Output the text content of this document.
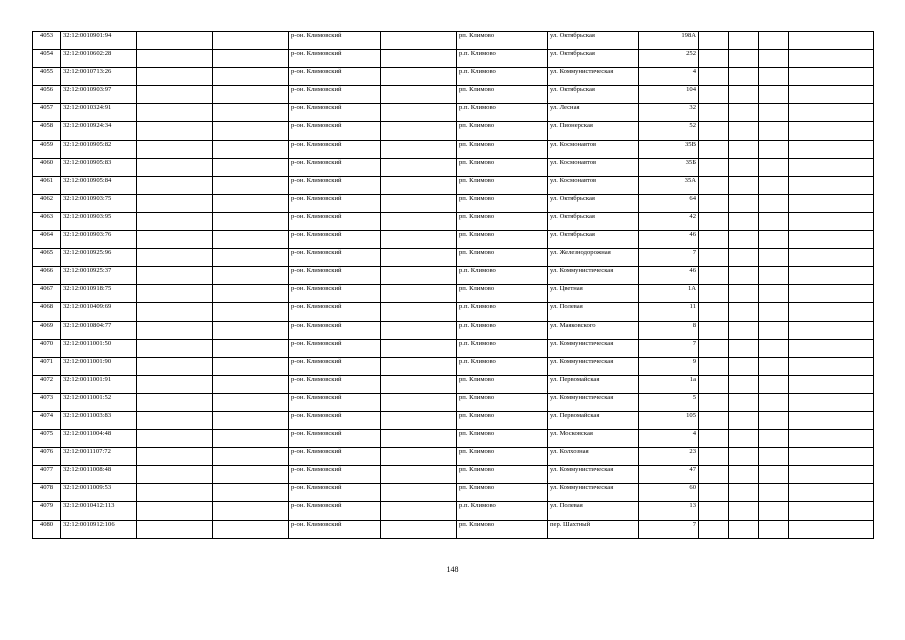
4053	32:12:0010901:94			р-он. Климовский		рп. Климово	ул. Октябрьская	198А				
4054	32:12:0010602:28			р-он. Климовский		р.п. Климово	ул. Октябрьская	252				
4055	32:12:0010713:26			р-он. Климовский		р.п. Климово	ул. Коммунистическая	4				
4056	32:12:0010903:97			р-он. Климовский		рп. Климово	ул. Октябрьская	104				
4057	32:12:0010324:91			р-он. Климовский		р.п. Климово	ул. Лесная	32				
4058	32:12:0010924:34			р-он. Климовский		рп. Климово	ул. Пионерская	52				
4059	32:12:0010905:82			р-он. Климовский		рп. Климово	ул. Космонавтов	35В				
4060	32:12:0010905:83			р-он. Климовский		рп. Климово	ул. Космонавтов	35Б				
4061	32:12:0010905:84			р-он. Климовский		рп. Климово	ул. Космонавтов	35А				
4062	32:12:0010903:75			р-он. Климовский		рп. Климово	ул. Октябрьская	64				
4063	32:12:0010903:95			р-он. Климовский		рп. Климово	ул. Октябрьская	42				
4064	32:12:0010903:76			р-он. Климовский		рп. Климово	ул. Октябрьская	46				
4065	32:12:0010925:96			р-он. Климовский		рп. Климово	ул. Железнодорожная	7				
4066	32:12:0010925:37			р-он. Климовский		р.п. Климово	ул. Коммунистическая	46				
4067	32:12:0010918:75			р-он. Климовский		рп. Климово	ул. Цветная	1А				
4068	32:12:0010409:69			р-он. Климовский		р.п. Климово	ул. Полевая	11				
4069	32:12:0010804:77			р-он. Климовский		р.п. Климово	ул. Маяковского	8				
4070	32:12:0011001:50			р-он. Климовский		р.п. Климово	ул. Коммунистическая	7				
4071	32:12:0011001:90			р-он. Климовский		р.п. Климово	ул. Коммунистическая	9				
4072	32:12:0011001:91			р-он. Климовский		рп. Климово	ул. Первомайская	1а				
4073	32:12:0011001:52			р-он. Климовский		рп. Климово	ул. Коммунистическая	5				
4074	32:12:0011003:83			р-он. Климовский		рп. Климово	ул. Первомайская	105				
4075	32:12:0011004:48			р-он. Климовский		рп. Климово	ул. Московская	4				
4076	32:12:0011107:72			р-он. Климовский		рп. Климово	ул. Колхозная	23				
4077	32:12:0011008:48			р-он. Климовский		рп. Климово	ул. Коммунистическая	47				
4078	32:12:0011009:53			р-он. Климовский		рп. Климово	ул. Коммунистическая	60				
4079	32:12:0010412:113			р-он. Климовский		р.п. Климово	ул. Полевая	13				
4080	32:12:0010912:106			р-он. Климовский		рп. Климово	пер. Шахтный	7				
148
